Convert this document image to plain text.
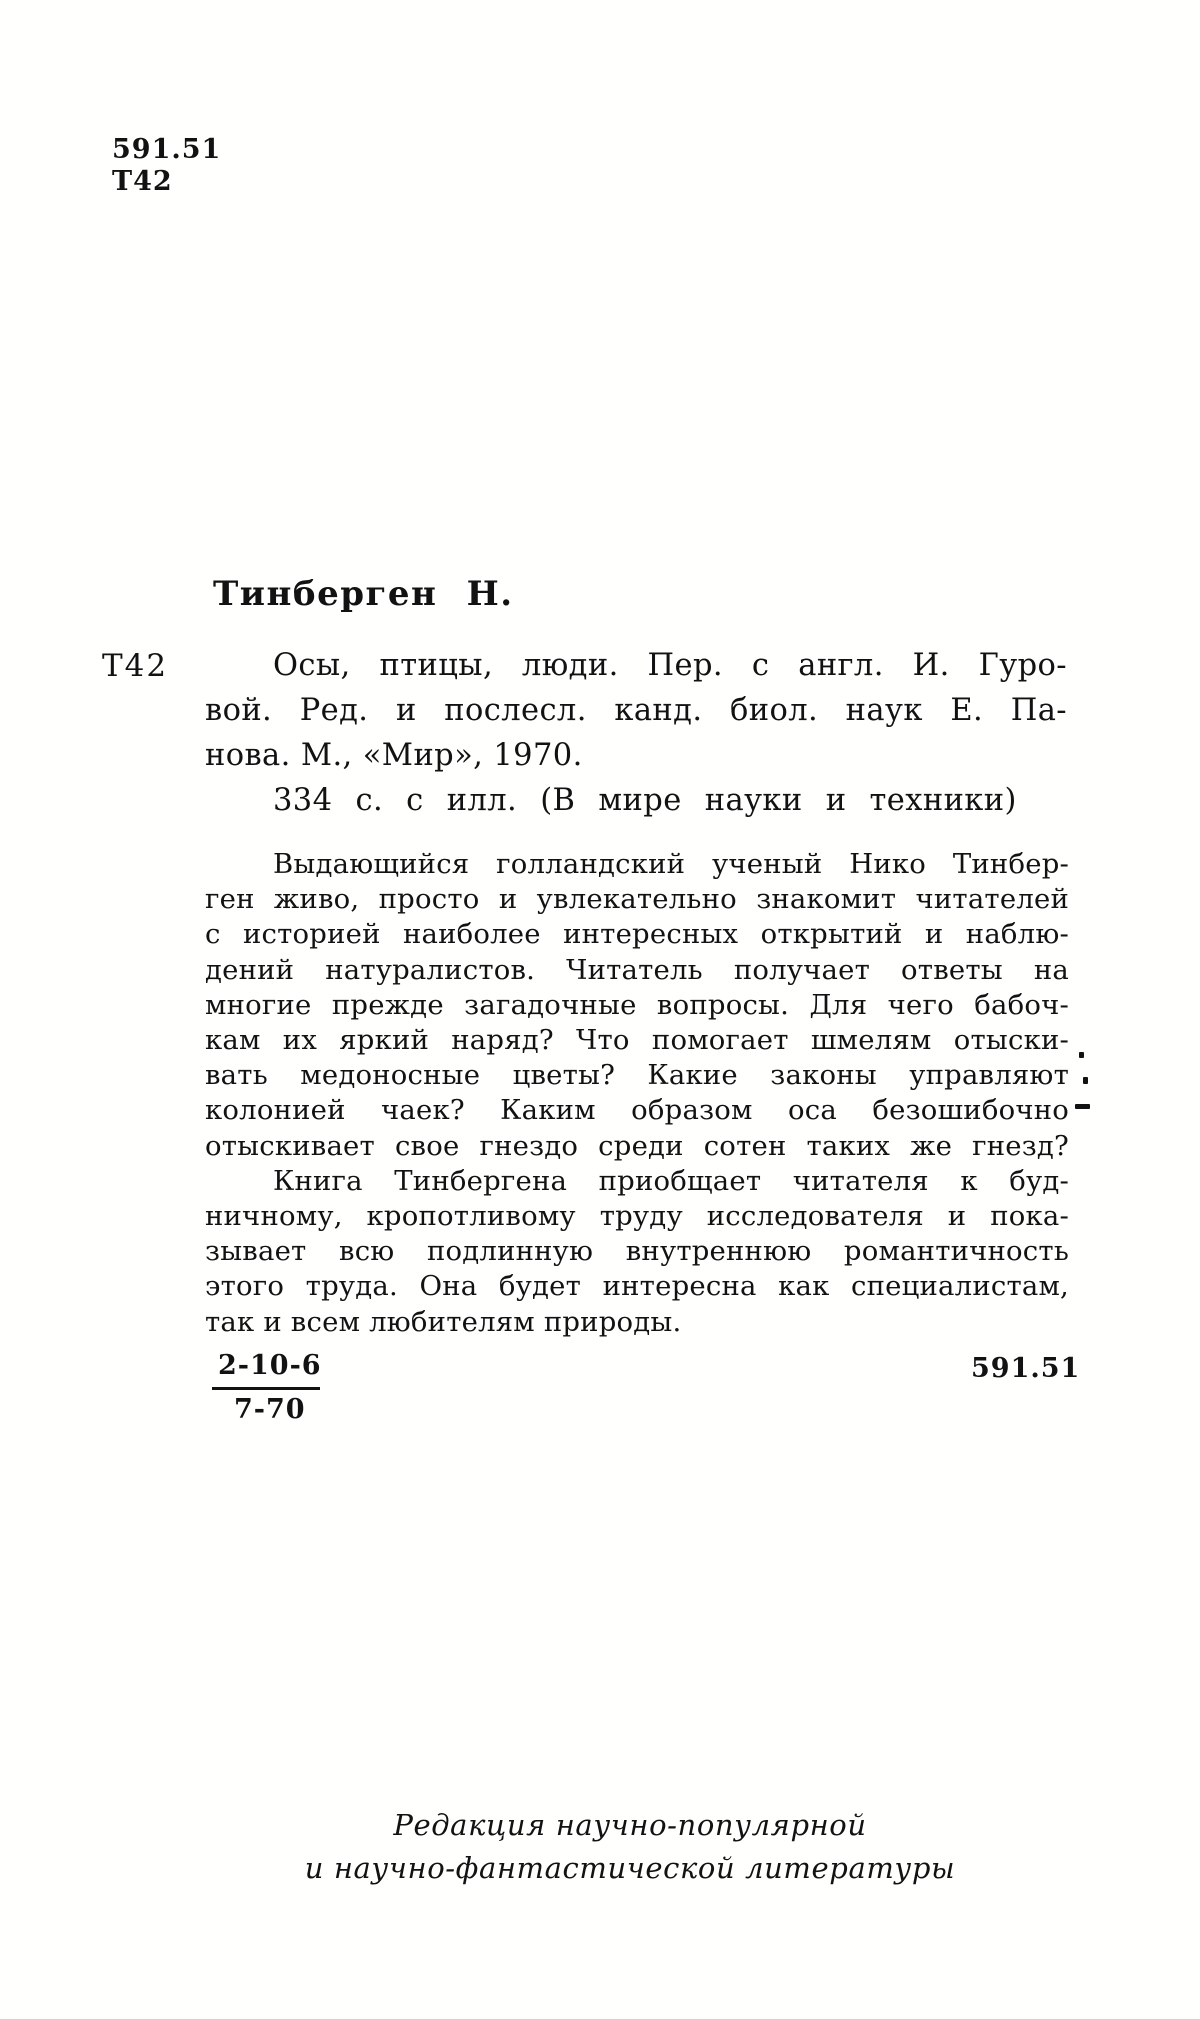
591.51
Т42
Тинберген Н.
Т42	Осы, птицы, люди. Пер. с англ. И. Гуро-
вой. Ред. и послесл. канд. биол. наук Е. Па-
нова. М., «Мир», 1970.
334 с. с илл. (В мире науки и техники)
Выдающийся голландский ученый Нико Тинбер-
ген живо, просто и увлекательно знакомит читателей
с историей наиболее интересных открытий и наблю-
дений натуралистов. Читатель получает ответы на
многие прежде загадочные вопросы. Для чего бабоч-
кам их яркий наряд? Что помогает шмелям отыски-
вать медоносные цветы? Какие законы управляют
колонией чаек? Каким образом оса безошибочно
отыскивает свое гнездо среди сотен таких же гнезд?
Книга Тинбергена приобщает читателя к буд-
ничному, кропотливому труду исследователя и пока-
зывает всю подлинную внутреннюю романтичность
этого труда. Она будет интересна как специалистам,
так и всем любителям природы.
2-10-6
7-70
591.51
Редакция научно-популярной
и научно-фантастической литературы
